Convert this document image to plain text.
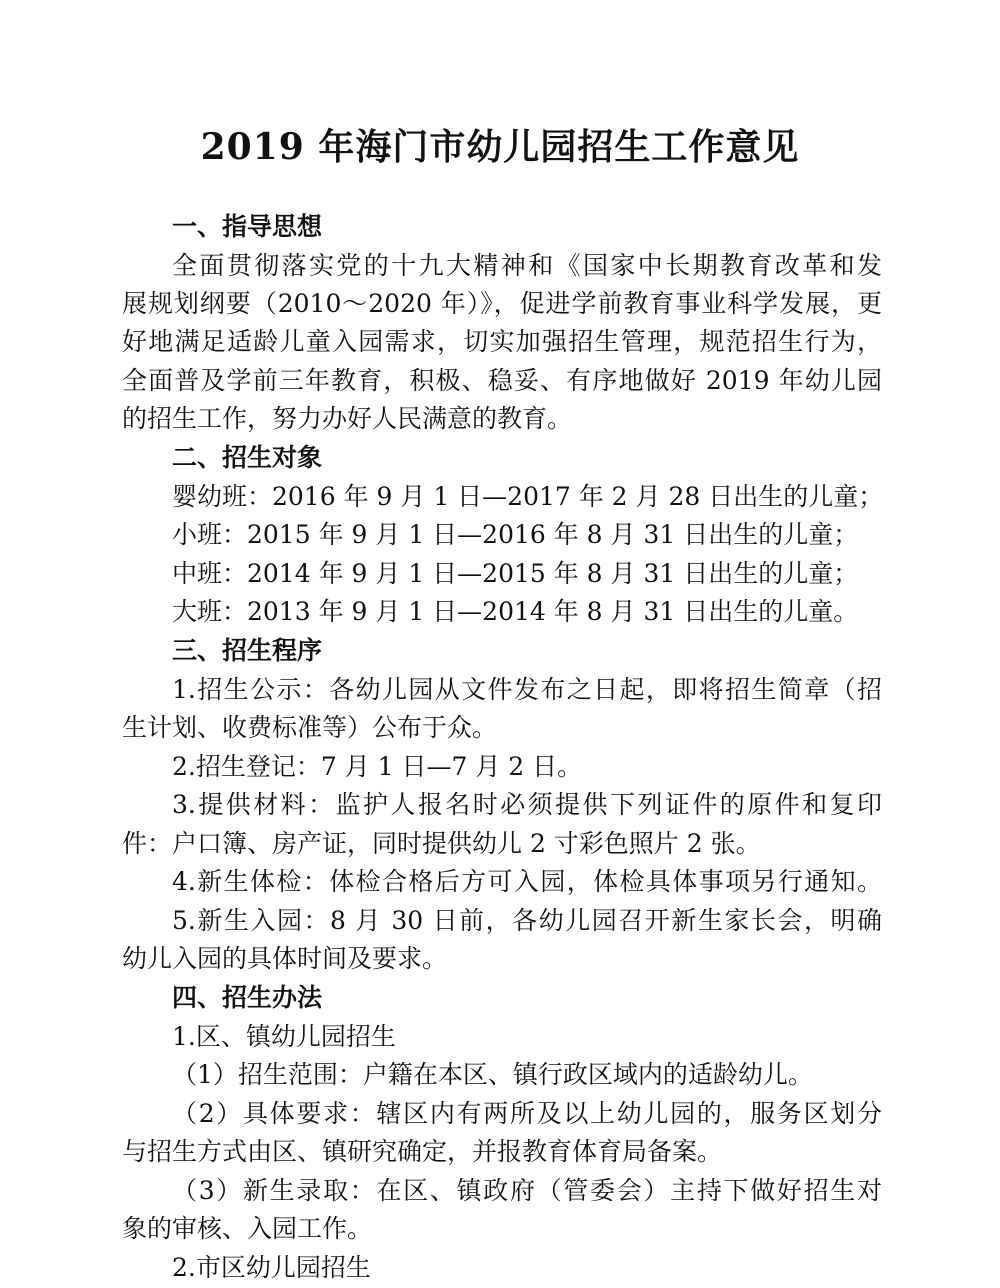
2019 年海门市幼儿园招生工作意见
一、指导思想
全面贯彻落实党的十九大精神和《国家中长期教育改革和发
展规划纲要（2010～2020 年）》，促进学前教育事业科学发展，更
好地满足适龄儿童入园需求，切实加强招生管理，规范招生行为，
全面普及学前三年教育，积极、稳妥、有序地做好 2019 年幼儿园
的招生工作，努力办好人民满意的教育。
二、招生对象
婴幼班：2016 年 9 月 1 日—2017 年 2 月 28 日出生的儿童；
小班：2015 年 9 月 1 日—2016 年 8 月 31 日出生的儿童；
中班：2014 年 9 月 1 日—2015 年 8 月 31 日出生的儿童；
大班：2013 年 9 月 1 日—2014 年 8 月 31 日出生的儿童。
三、招生程序
1.招生公示：各幼儿园从文件发布之日起，即将招生简章（招
生计划、收费标准等）公布于众。
2.招生登记：7 月 1 日—7 月 2 日。
3.提供材料：监护人报名时必须提供下列证件的原件和复印
件：户口簿、房产证，同时提供幼儿 2 寸彩色照片 2 张。
4.新生体检：体检合格后方可入园，体检具体事项另行通知。
5.新生入园：8 月 30 日前，各幼儿园召开新生家长会，明确
幼儿入园的具体时间及要求。
四、招生办法
1.区、镇幼儿园招生
（1）招生范围：户籍在本区、镇行政区域内的适龄幼儿。
（2）具体要求：辖区内有两所及以上幼儿园的，服务区划分
与招生方式由区、镇研究确定，并报教育体育局备案。
（3）新生录取：在区、镇政府（管委会）主持下做好招生对
象的审核、入园工作。
2.市区幼儿园招生
